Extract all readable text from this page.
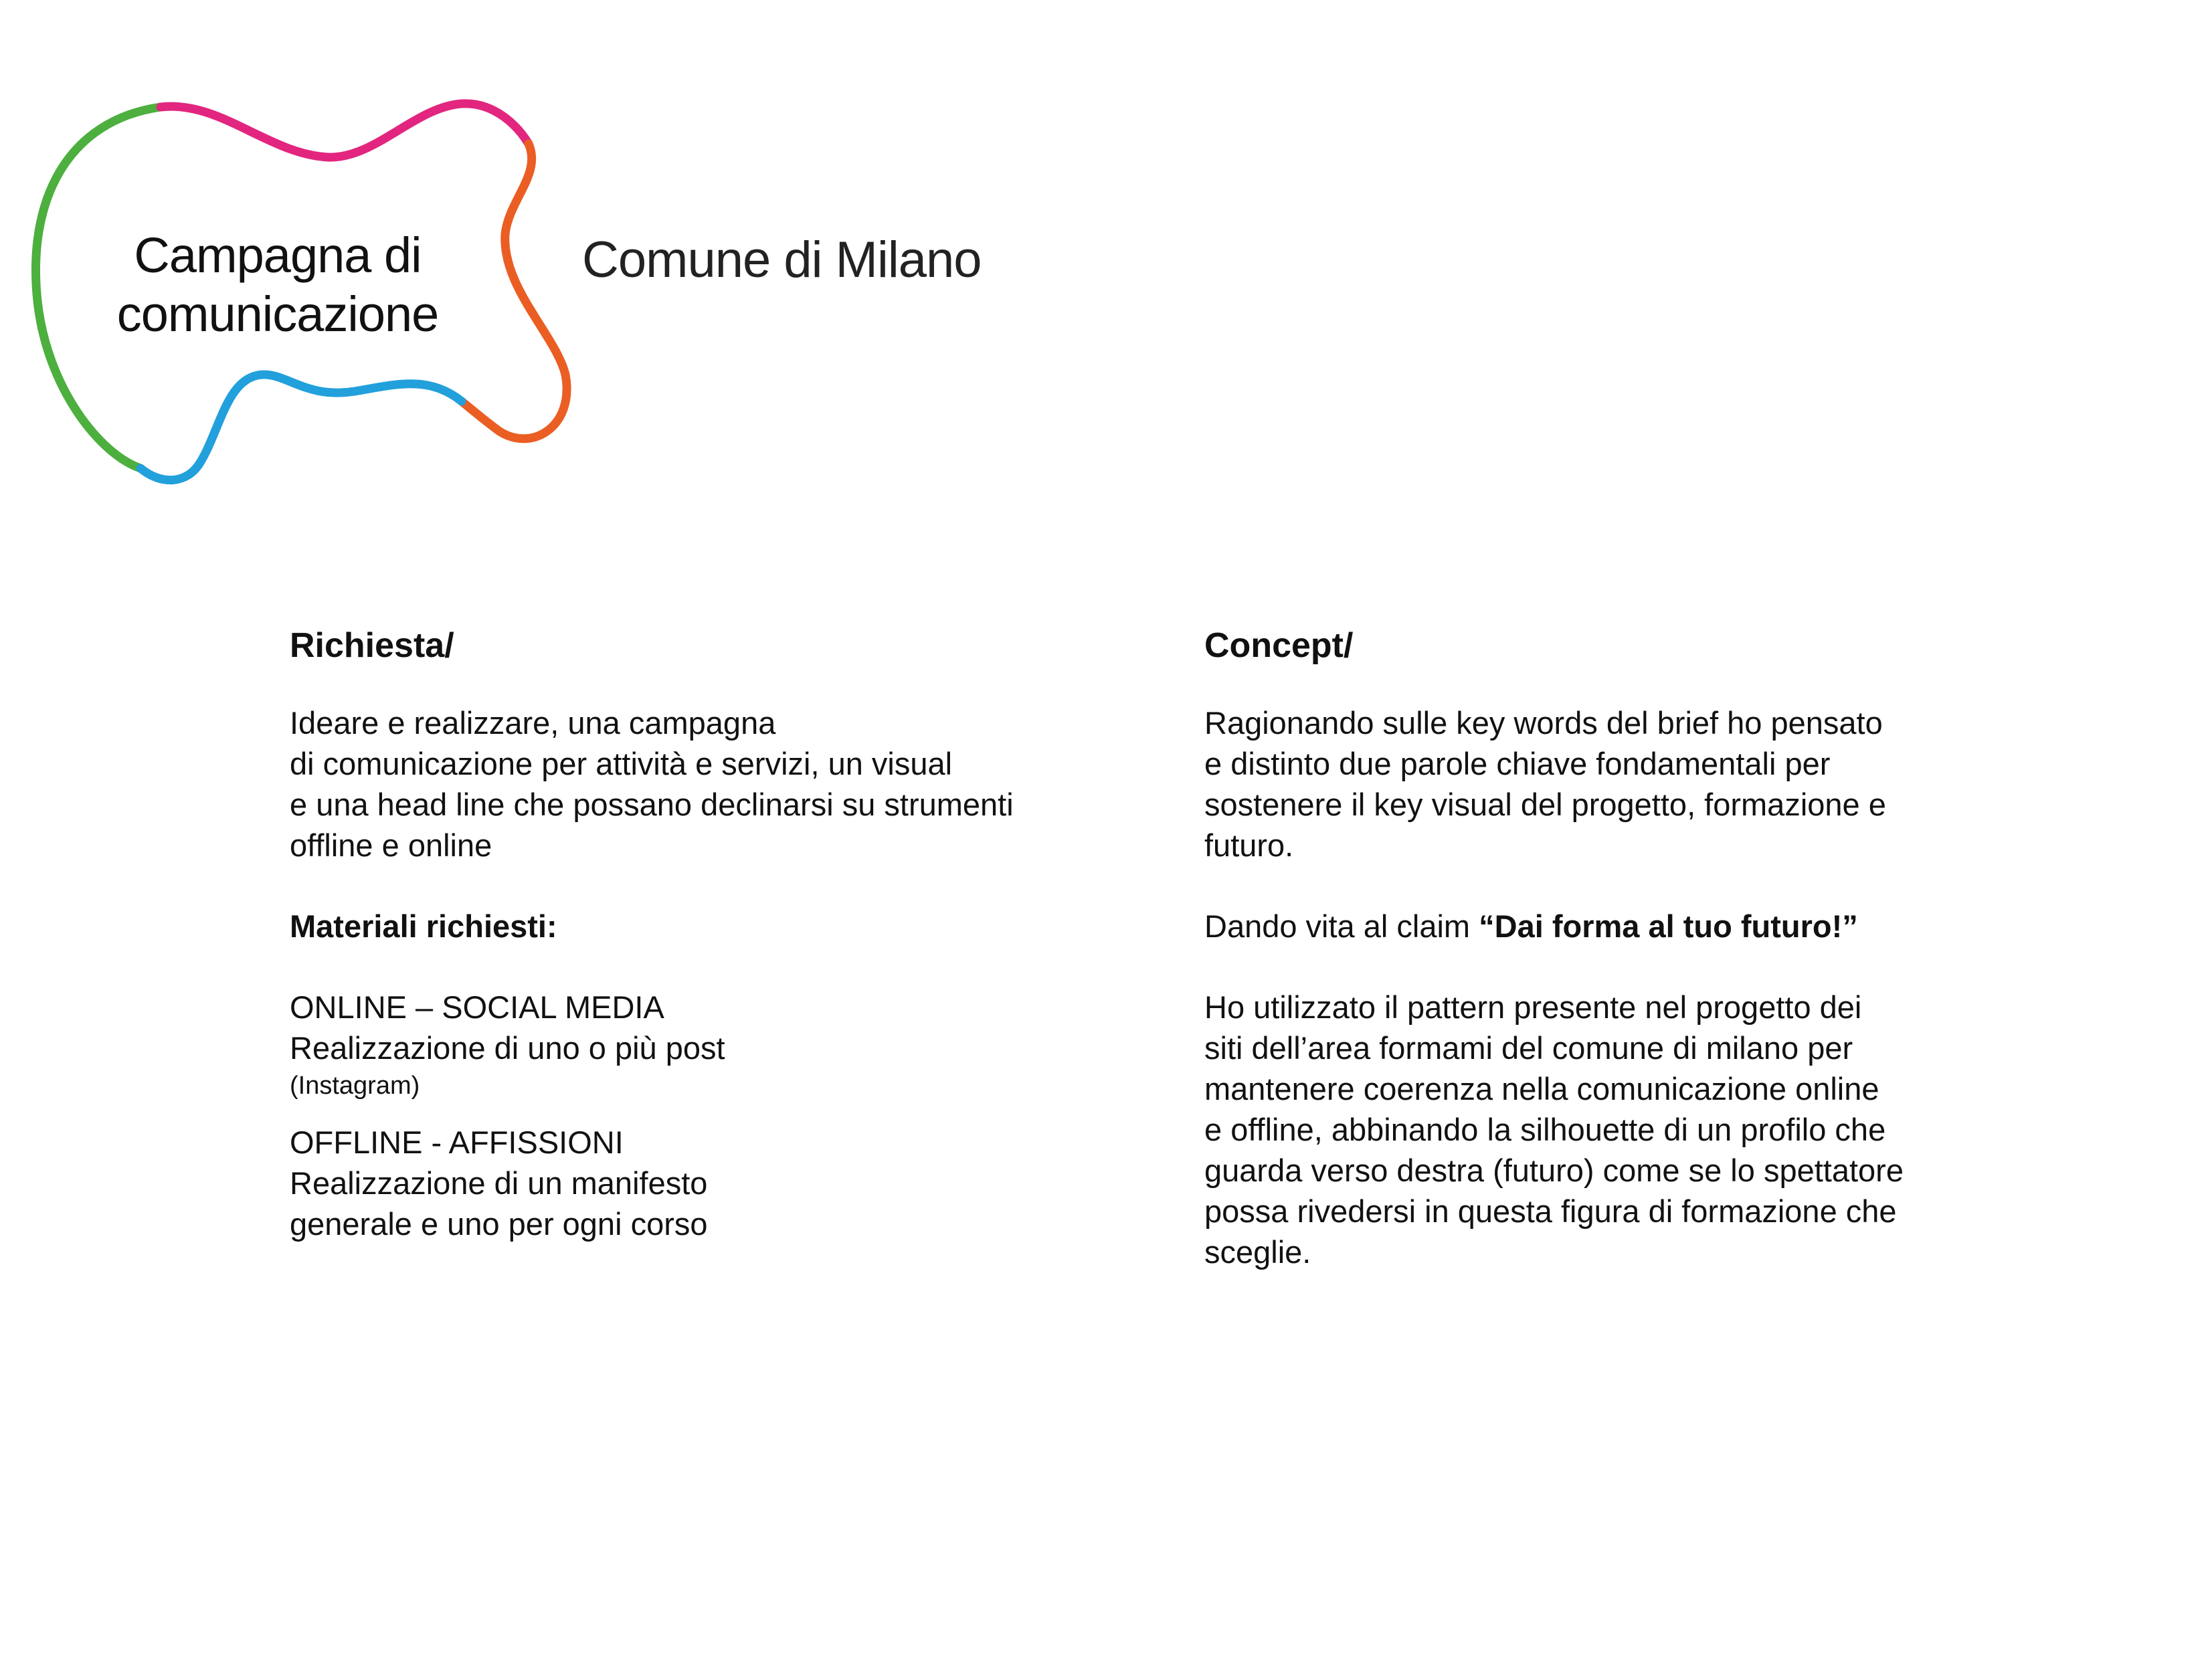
Campagna di
comunicazione
Comune di Milano
Richiesta/
Ideare e realizzare, una campagna
di comunicazione per attività e servizi, un visual
e una head line che possano declinarsi su strumenti
offline e online
Materiali richiesti:
ONLINE – SOCIAL MEDIA
Realizzazione di uno o più post
(Instagram)
OFFLINE - AFFISSIONI
Realizzazione di un manifesto
generale e uno per ogni corso
Concept/
Ragionando sulle key words del brief ho pensato
e distinto due parole chiave fondamentali per
sostenere il key visual del progetto, formazione e
futuro.
Dando vita al claim “Dai forma al tuo futuro!”
Ho utilizzato il pattern presente nel progetto dei
siti dell’area formami del comune di milano per
mantenere coerenza nella comunicazione online
e offline, abbinando la silhouette di un profilo che
guarda verso destra (futuro) come se lo spettatore
possa rivedersi in questa figura di formazione che
sceglie.
